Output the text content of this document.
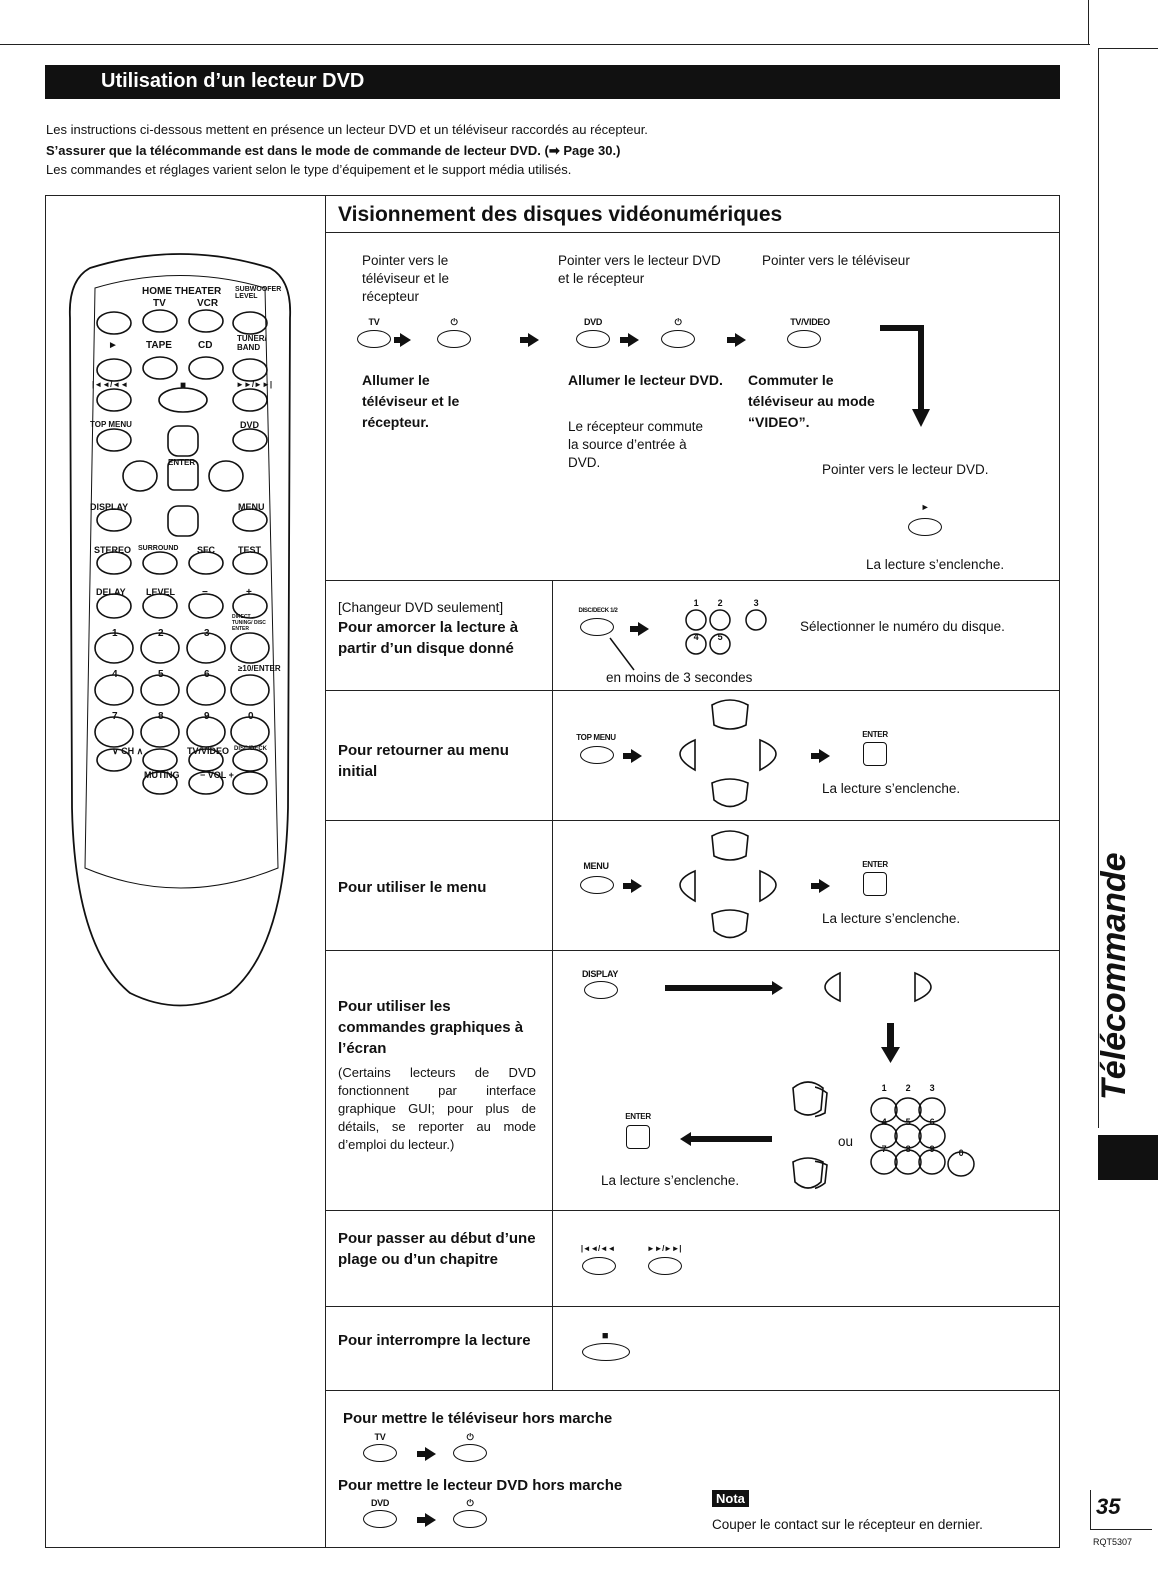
Utilisation d’un lecteur DVD
Les instructions ci-dessous mettent en présence un lecteur DVD et un téléviseur raccordés au récepteur.
S’assurer que la télécommande est dans le mode de commande de lecteur DVD. (➡ Page 30.)
Les commandes et réglages varient selon le type d’équipement et le support média utilisés.
HOME THEATER
TV	VCR
SUBWOOFER LEVEL
►	TAPE	CD
TUNER/ BAND
|◄◄/◄◄	■	►►/►►|
TOP MENU	DVD
ENTER
DISPLAY	MENU
STEREO SURROUND SFC	TEST
DELAY LEVEL	−	+
DIRECT TUNING/ DISC ENTER
1	2	3
4	5	6
≥10/ENTER
7	8	9	0
∨ CH ∧	TV/VIDEO DISC/DECK
MUTING − VOL +
Visionnement des disques vidéonumériques
Pointer vers le téléviseur et le récepteur
Pointer vers le lecteur DVD et le récepteur
Pointer vers le téléviseur
TV	⏻	DVD	⏻	TV/VIDEO
Allumer le téléviseur et le récepteur.
Allumer le lecteur DVD.
Le récepteur commute la source d’entrée à DVD.
Commuter le téléviseur au mode “VIDEO”.
Pointer vers le lecteur DVD.
►
La lecture s’enclenche.
[Changeur DVD seulement]
Pour amorcer la lecture à partir d’un disque donné
DISC/DECK 1/2
1	2	3
4	5
en moins de 3 secondes
Sélectionner le numéro du disque.
Pour retourner au menu initial
TOP MENU	ENTER
La lecture s’enclenche.
Pour utiliser le menu
MENU	ENTER
La lecture s’enclenche.
Pour utiliser les commandes graphiques à l’écran
(Certains lecteurs de DVD fonctionnent par interface graphique GUI; pour plus de détails, se reporter au mode d’emploi du lecteur.)
DISPLAY
1	2	3
4	5	6
7	8	9	0
ou
ENTER
La lecture s’enclenche.
Pour passer au début d’une plage ou d’un chapitre
|◄◄/◄◄	►►/►►|
Pour interrompre la lecture	■
Pour mettre le téléviseur hors marche
TV	⏻
Pour mettre le lecteur DVD hors marche
DVD	⏻	Nota
Couper le contact sur le récepteur en dernier.
Télécommande
35
RQT5307
